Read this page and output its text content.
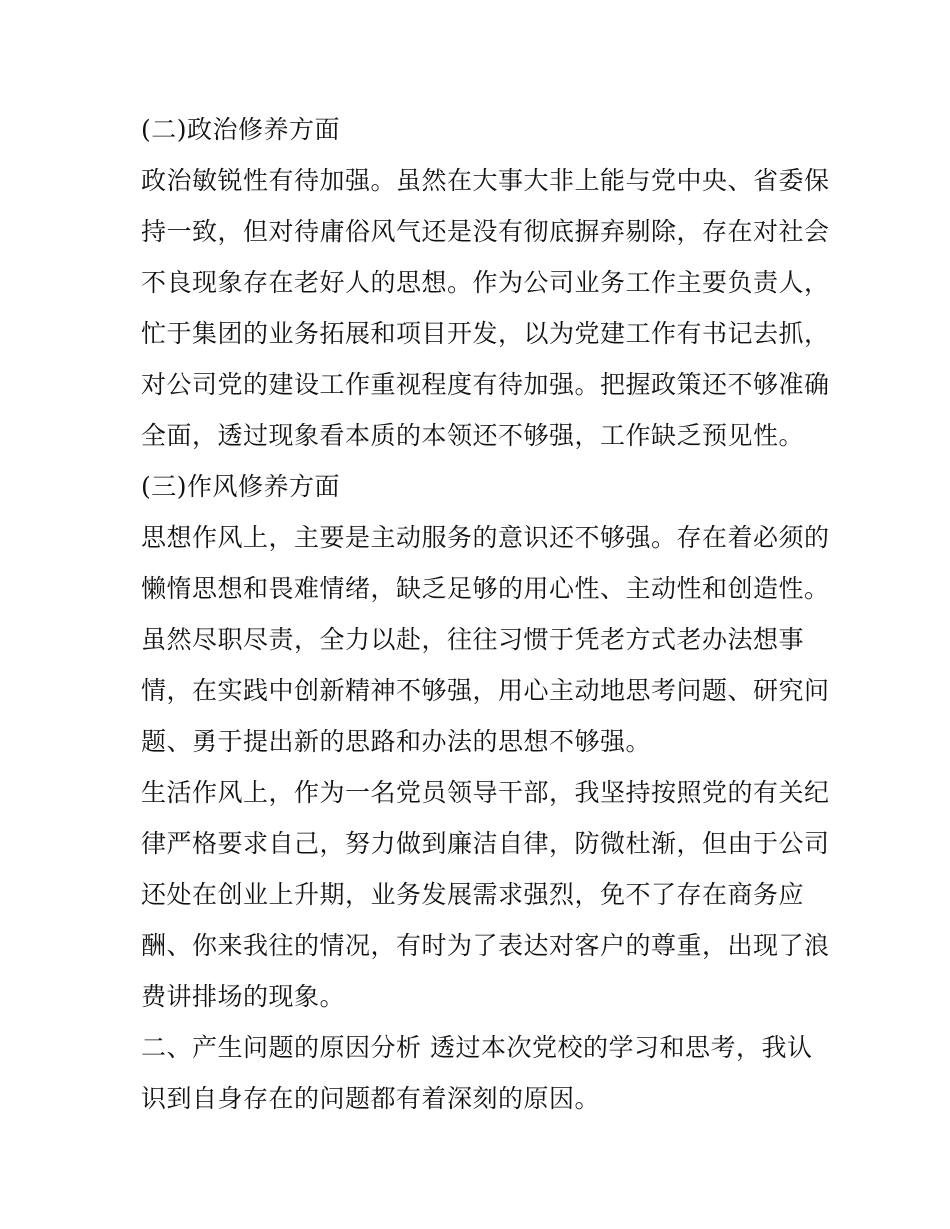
(二)政治修养方面
政治敏锐性有待加强。虽然在大事大非上能与党中央、省委保
持一致，但对待庸俗风气还是没有彻底摒弃剔除，存在对社会
不良现象存在老好人的思想。作为公司业务工作主要负责人，
忙于集团的业务拓展和项目开发，以为党建工作有书记去抓，
对公司党的建设工作重视程度有待加强。把握政策还不够准确
全面，透过现象看本质的本领还不够强，工作缺乏预见性。
(三)作风修养方面
思想作风上，主要是主动服务的意识还不够强。存在着必须的
懒惰思想和畏难情绪，缺乏足够的用心性、主动性和创造性。
虽然尽职尽责，全力以赴，往往习惯于凭老方式老办法想事
情，在实践中创新精神不够强，用心主动地思考问题、研究问
题、勇于提出新的思路和办法的思想不够强。
生活作风上，作为一名党员领导干部，我坚持按照党的有关纪
律严格要求自己，努力做到廉洁自律，防微杜渐，但由于公司
还处在创业上升期，业务发展需求强烈，免不了存在商务应
酬、你来我往的情况，有时为了表达对客户的尊重，出现了浪
费讲排场的现象。
二、产生问题的原因分析 透过本次党校的学习和思考，我认
识到自身存在的问题都有着深刻的原因。
